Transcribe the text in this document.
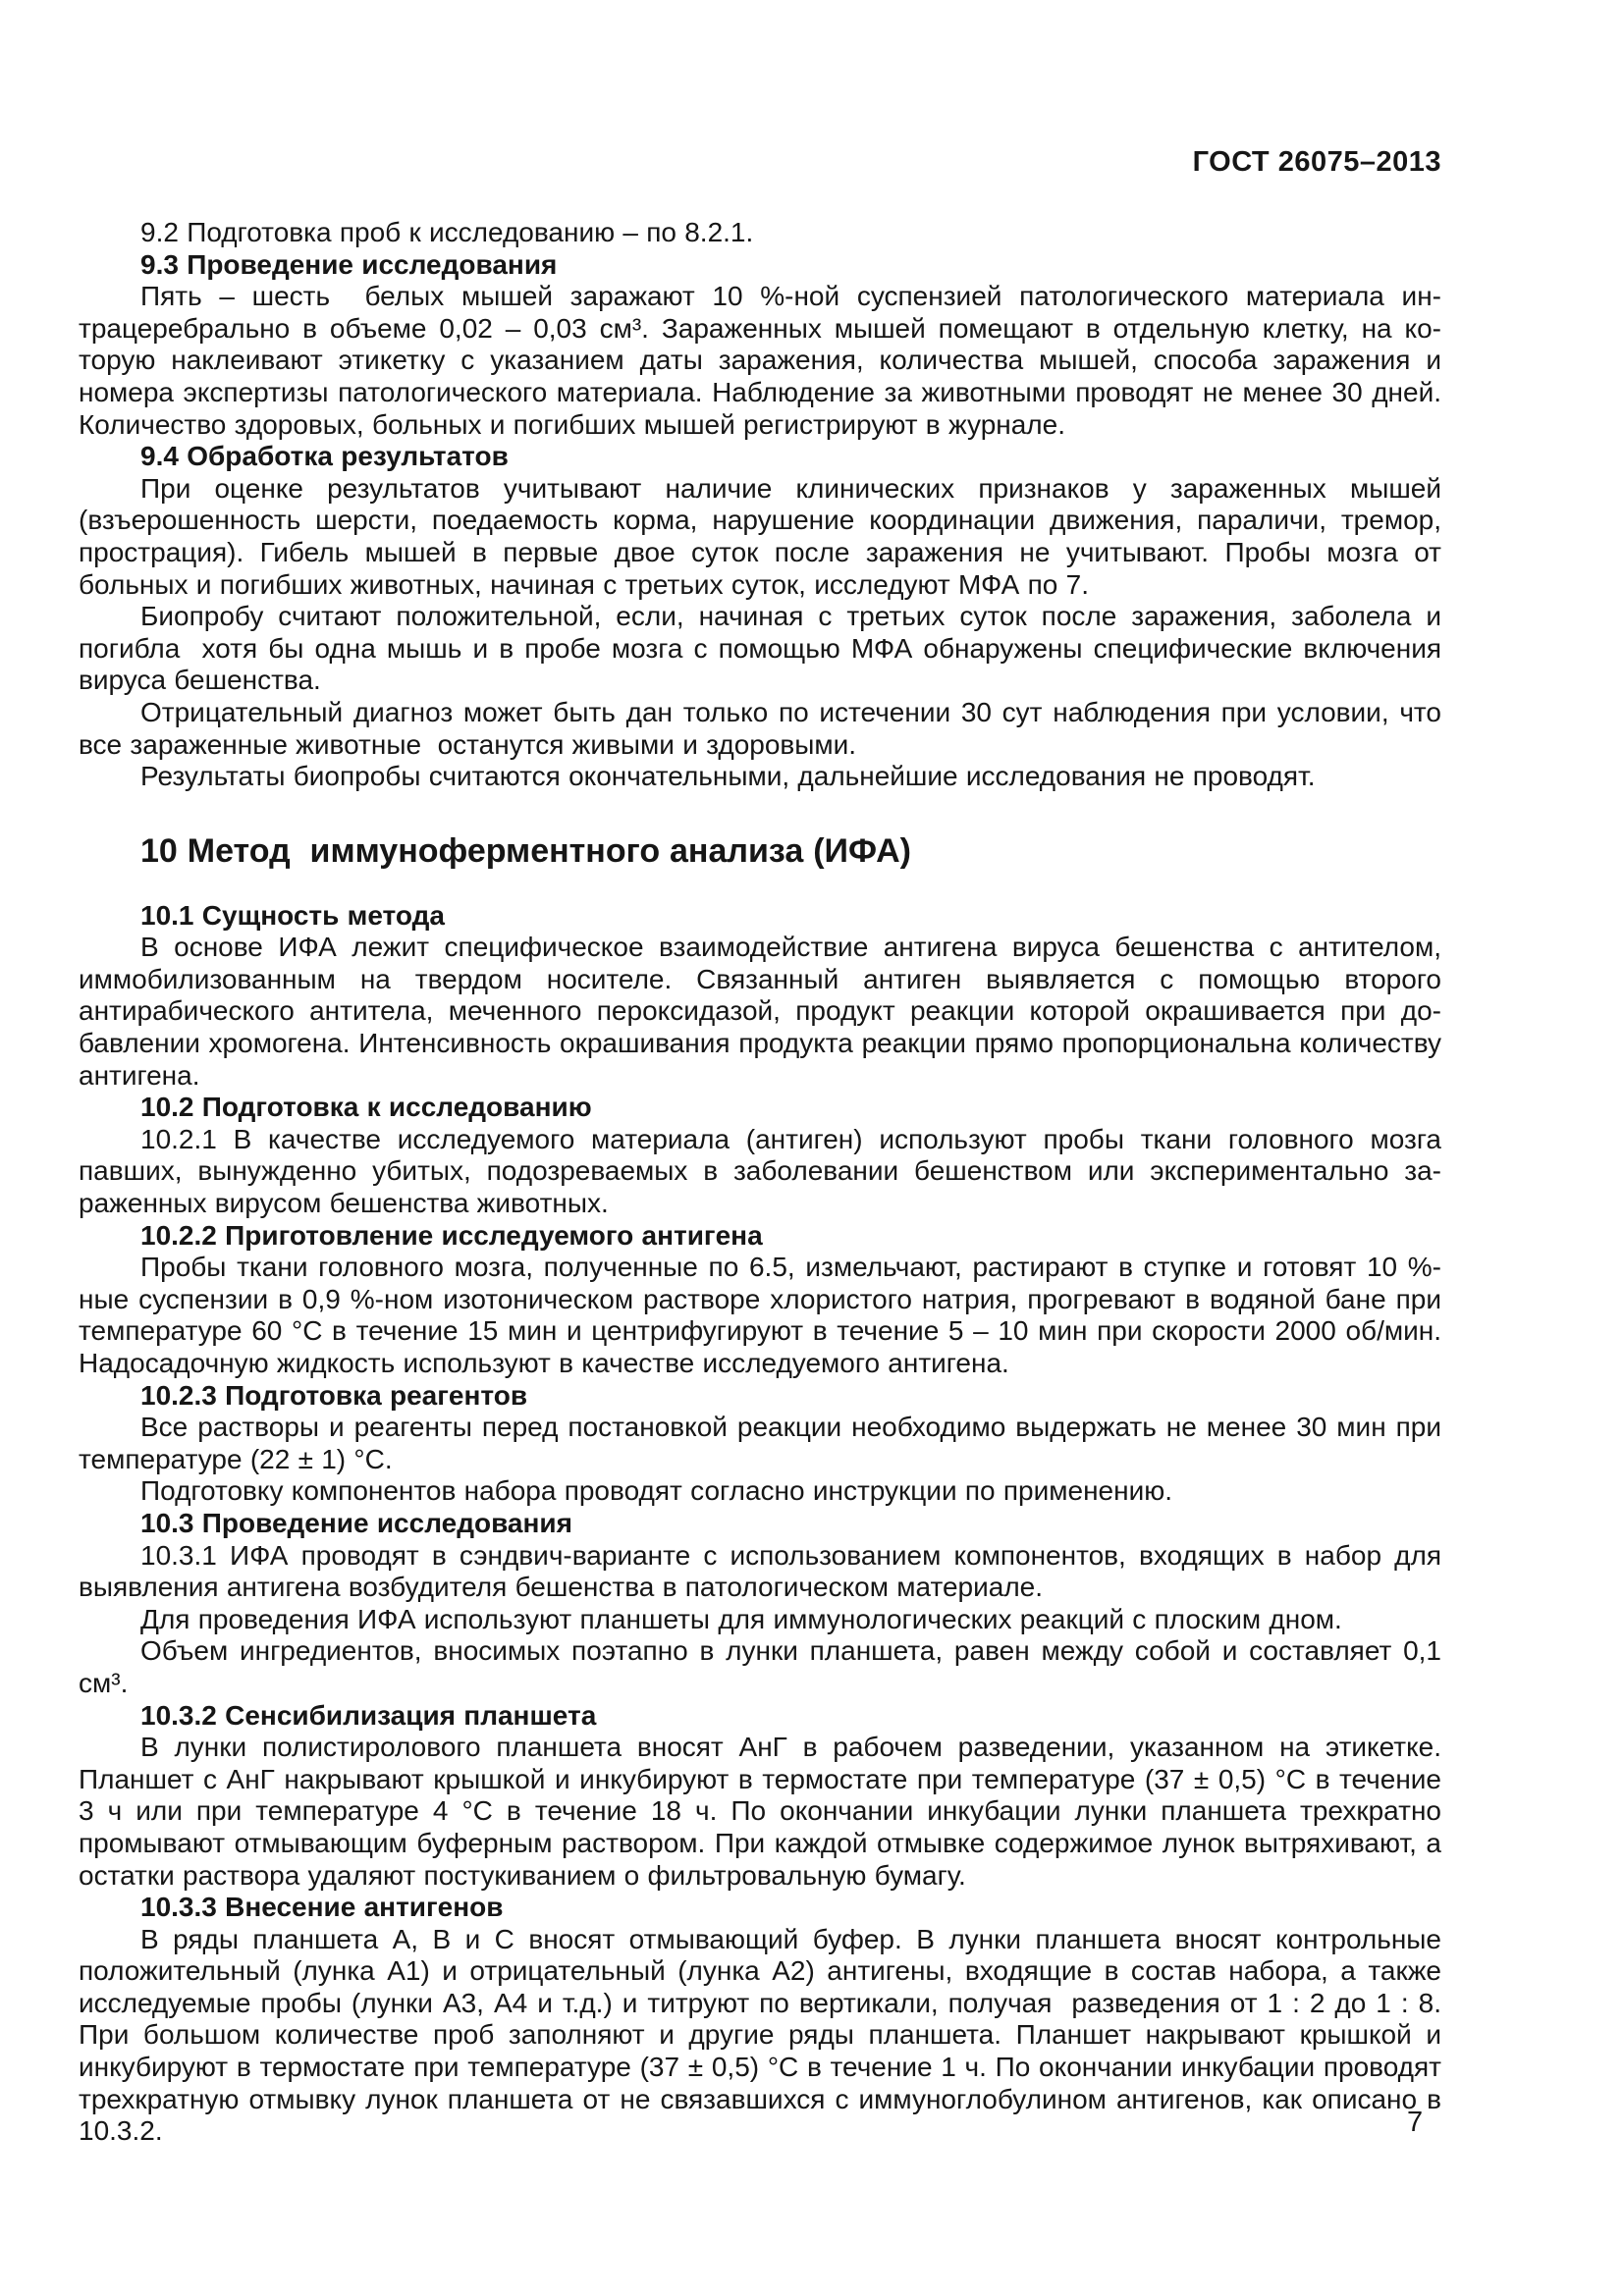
ГОСТ 26075–2013
9.2 Подготовка проб к исследованию – по 8.2.1.
9.3 Проведение исследования
Пять – шесть  белых мышей заражают 10 %-ной суспензией патологического материала интрацеребрально в объеме 0,02 – 0,03 см³. Зараженных мышей помещают в отдельную клетку, на которую наклеивают этикетку с указанием даты заражения, количества мышей, способа заражения и номера экспертизы патологического материала. Наблюдение за животными проводят не менее 30 дней. Количество здоровых, больных и погибших мышей регистрируют в журнале.
9.4 Обработка результатов
При оценке результатов учитывают наличие клинических признаков у зараженных мышей (взъерошенность шерсти, поедаемость корма, нарушение координации движения, параличи, тремор, прострация). Гибель мышей в первые двое суток после заражения не учитывают. Пробы мозга от больных и погибших животных, начиная с третьих суток, исследуют МФА по 7.
Биопробу считают положительной, если, начиная с третьих суток после заражения, заболела и погибла  хотя бы одна мышь и в пробе мозга с помощью МФА обнаружены специфические включения вируса бешенства.
Отрицательный диагноз может быть дан только по истечении 30 сут наблюдения при условии, что все зараженные животные  останутся живыми и здоровыми.
Результаты биопробы считаются окончательными, дальнейшие исследования не проводят.
10 Метод  иммуноферментного анализа (ИФА)
10.1 Сущность метода
В основе ИФА лежит специфическое взаимодействие антигена вируса бешенства с антителом, иммобилизованным на твердом носителе. Связанный антиген выявляется с помощью второго антирабического антитела, меченного пероксидазой, продукт реакции которой окрашивается при добавлении хромогена. Интенсивность окрашивания продукта реакции прямо пропорциональна количеству антигена.
10.2 Подготовка к исследованию
10.2.1 В качестве исследуемого материала (антиген) используют пробы ткани головного мозга павших, вынужденно убитых, подозреваемых в заболевании бешенством или экспериментально зараженных вирусом бешенства животных.
10.2.2 Приготовление исследуемого антигена
Пробы ткани головного мозга, полученные по 6.5, измельчают, растирают в ступке и готовят 10 %-ные суспензии в 0,9 %-ном изотоническом растворе хлористого натрия, прогревают в водяной бане при температуре 60 °С в течение 15 мин и центрифугируют в течение 5 – 10 мин при скорости 2000 об/мин. Надосадочную жидкость используют в качестве исследуемого антигена.
10.2.3 Подготовка реагентов
Все растворы и реагенты перед постановкой реакции необходимо выдержать не менее 30 мин при температуре (22 ± 1) °С.
Подготовку компонентов набора проводят согласно инструкции по применению.
10.3 Проведение исследования
10.3.1 ИФА проводят в сэндвич-варианте с использованием компонентов, входящих в набор для выявления антигена возбудителя бешенства в патологическом материале.
Для проведения ИФА используют планшеты для иммунологических реакций с плоским дном.
Объем ингредиентов, вносимых поэтапно в лунки планшета, равен между собой и составляет 0,1 см³.
10.3.2 Сенсибилизация планшета
В лунки полистиролового планшета вносят АнГ в рабочем разведении, указанном на этикетке. Планшет с АнГ накрывают крышкой и инкубируют в термостате при температуре (37 ± 0,5) °С в течение 3 ч или при температуре 4 °С в течение 18 ч. По окончании инкубации лунки планшета трехкратно промывают отмывающим буферным раствором. При каждой отмывке содержимое лунок вытряхивают, а остатки раствора удаляют постукиванием о фильтровальную бумагу.
10.3.3 Внесение антигенов
В ряды планшета А, В и С вносят отмывающий буфер. В лунки планшета вносят контрольные положительный (лунка А1) и отрицательный (лунка А2) антигены, входящие в состав набора, а также исследуемые пробы (лунки А3, А4 и т.д.) и титруют по вертикали, получая  разведения от 1 : 2 до 1 : 8. При большом количестве проб заполняют и другие ряды планшета. Планшет накрывают крышкой и инкубируют в термостате при температуре (37 ± 0,5) °С в течение 1 ч. По окончании инкубации проводят трехкратную отмывку лунок планшета от не связавшихся с иммуноглобулином антигенов, как описано в 10.3.2.	7
